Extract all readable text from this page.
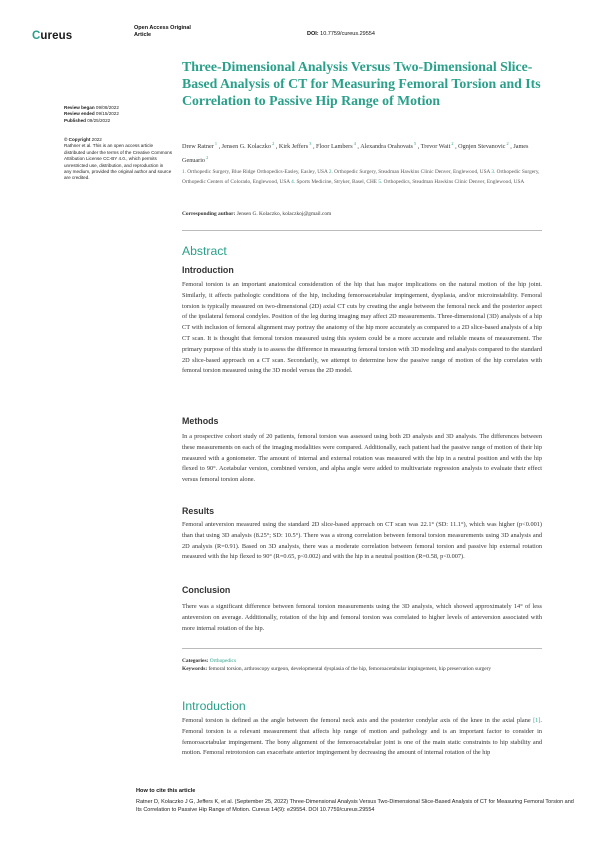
Cureus
Open Access Original
Article	DOI: 10.7759/cureus.29554
Review began 09/08/2022
Review ended 09/15/2022
Published 09/25/2022
© Copyright 2022
Rathner et al. This is an open access article distributed under the terms of the Creative Commons Attribution License CC-BY 4.0., which permits unrestricted use, distribution, and reproduction in any medium, provided the original author and source are credited.
Three-Dimensional Analysis Versus Two-Dimensional Slice-Based Analysis of CT for Measuring Femoral Torsion and Its Correlation to Passive Hip Range of Motion
Drew Ratner $^1$ , Jensen G. Kolaczko $^2$ , Kirk Jeffers $^3$ , Floor Lambers $^4$ , Alexandra Orahovats $^5$ , Trevor Wait $^2$ , Ognjen Stevanovic $^2$ , James Genuario $^2$
1. Orthopedic Surgery, Blue Ridge Orthopedics-Easley, Easley, USA 2. Orthopedic Surgery, Steadman Hawkins Clinic Denver, Englewood, USA 3. Orthopedic Surgery, Orthopedic Centers of Colorado, Englewood, USA 4. Sports Medicine, Stryker, Basel, CHE 5. Orthopedics, Steadman Hawkins Clinic Denver, Englewood, USA
Corresponding author: Jensen G. Kolaczko, kolaczkoj@gmail.com
Abstract
Introduction
Femoral torsion is an important anatomical consideration of the hip that has major implications on the natural motion of the hip joint. Similarly, it affects pathologic conditions of the hip, including femoroacetabular impingement, dysplasia, and/or microinstability. Femoral torsion is typically measured on two-dimensional (2D) axial CT cuts by creating the angle between the femoral neck and the posterior aspect of the ipsilateral femoral condyles. Position of the leg during imaging may affect 2D measurements. Three-dimensional (3D) analysis of a hip CT with inclusion of femoral alignment may portray the anatomy of the hip more accurately as compared to a 2D slice-based analysis of a hip CT scan. It is thought that femoral torsion measured using this system could be a more accurate and reliable means of measurement. The primary purpose of this study is to assess the difference in measuring femoral torsion with 3D modeling and analysis compared to the standard 2D slice-based approach on a CT scan. Secondarily, we attempt to determine how the passive range of motion of the hip correlates with femoral torsion measured using the 3D model versus the 2D model.
Methods
In a prospective cohort study of 20 patients, femoral torsion was assessed using both 2D analysis and 3D analysis. The differences between these measurements on each of the imaging modalities were compared. Additionally, each patient had the passive range of motion of their hip measured with a goniometer. The amount of internal and external rotation was measured with the hip in a neutral position and with the hip flexed to 90°. Acetabular version, combined version, and alpha angle were added to multivariate regression analysis to evaluate their effect versus femoral torsion alone.
Results
Femoral anteversion measured using the standard 2D slice-based approach on CT scan was 22.1° (SD: 11.1°), which was higher (p<0.001) than that using 3D analysis (8.25°; SD: 10.5°). There was a strong correlation between femoral torsion measurements using 3D analysis and 2D analysis (R=0.91). Based on 3D analysis, there was a moderate correlation between femoral torsion and passive hip external rotation measured with the hip flexed to 90° (R=0.65, p<0.002) and with the hip in a neutral position (R=0.58, p<0.007).
Conclusion
There was a significant difference between femoral torsion measurements using the 3D analysis, which showed approximately 14° of less anteversion on average. Additionally, rotation of the hip and femoral torsion was correlated to higher levels of anteversion associated with more internal rotation of the hip.
Categories: Orthopedics
Keywords: femoral torsion, arthroscopy surgeon, developmental dysplasia of the hip, femoroacetabular impingement, hip preservation surgery
Introduction
Femoral torsion is defined as the angle between the femoral neck axis and the posterior condylar axis of the knee in the axial plane [1]. Femoral torsion is a relevant measurement that affects hip range of motion and pathology and is an important factor to consider in femoroacetabular impingement. The bony alignment of the femoroacetabular joint is one of the main static constraints to hip stability and motion. Femoral retrotorsion can exacerbate anterior impingement by decreasing the amount of internal rotation of the hip
How to cite this article
Ratner D, Kolaczko J G, Jeffers K, et al. (September 25, 2022) Three-Dimensional Analysis Versus Two-Dimensional Slice-Based Analysis of CT for Measuring Femoral Torsion and Its Correlation to Passive Hip Range of Motion. Cureus 14(9): e29554. DOI 10.7759/cureus.29554
